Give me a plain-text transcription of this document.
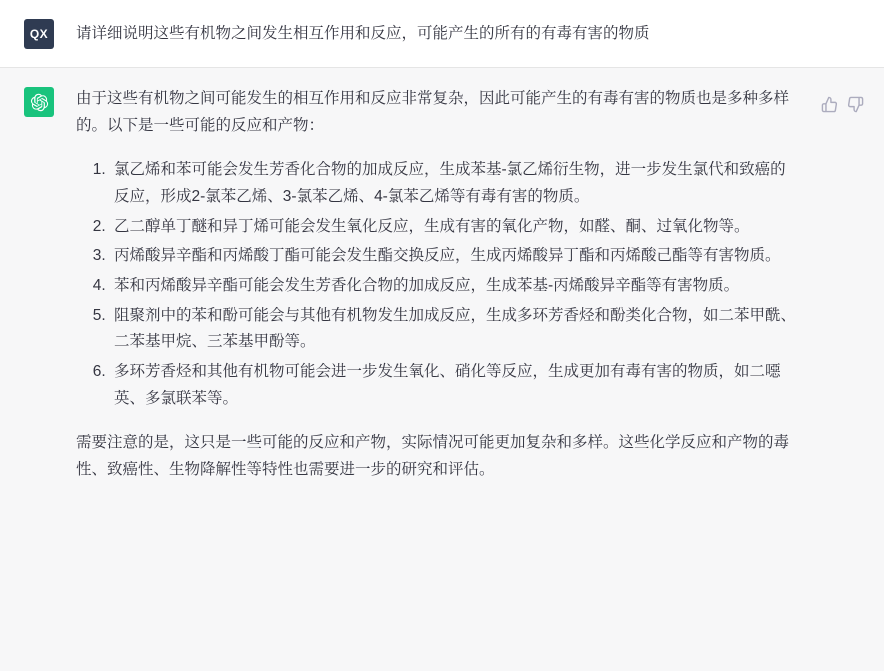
QX 请详细说明这些有机物之间发生相互作用和反应，可能产生的所有的有毒有害的物质
由于这些有机物之间可能发生的相互作用和反应非常复杂，因此可能产生的有毒有害的物质也是多种多样的。以下是一些可能的反应和产物：
1. 氯乙烯和苯可能会发生芳香化合物的加成反应，生成苯基-氯乙烯衍生物，进一步发生氯代和致癌的反应，形成2-氯苯乙烯、3-氯苯乙烯、4-氯苯乙烯等有毒有害的物质。
2. 乙二醇单丁醚和异丁烯可能会发生氧化反应，生成有害的氧化产物，如醛、酮、过氧化物等。
3. 丙烯酸异辛酯和丙烯酸丁酯可能会发生酯交换反应，生成丙烯酸异丁酯和丙烯酸己酯等有害物质。
4. 苯和丙烯酸异辛酯可能会发生芳香化合物的加成反应，生成苯基-丙烯酸异辛酯等有害物质。
5. 阻聚剂中的苯和酚可能会与其他有机物发生加成反应，生成多环芳香烃和酚类化合物，如二苯甲酰、二苯基甲烷、三苯基甲酚等。
6. 多环芳香烃和其他有机物可能会进一步发生氧化、硝化等反应，生成更加有毒有害的物质，如二噁英、多氯联苯等。
需要注意的是，这只是一些可能的反应和产物，实际情况可能更加复杂和多样。这些化学反应和产物的毒性、致癌性、生物降解性等特性也需要进一步的研究和评估。
